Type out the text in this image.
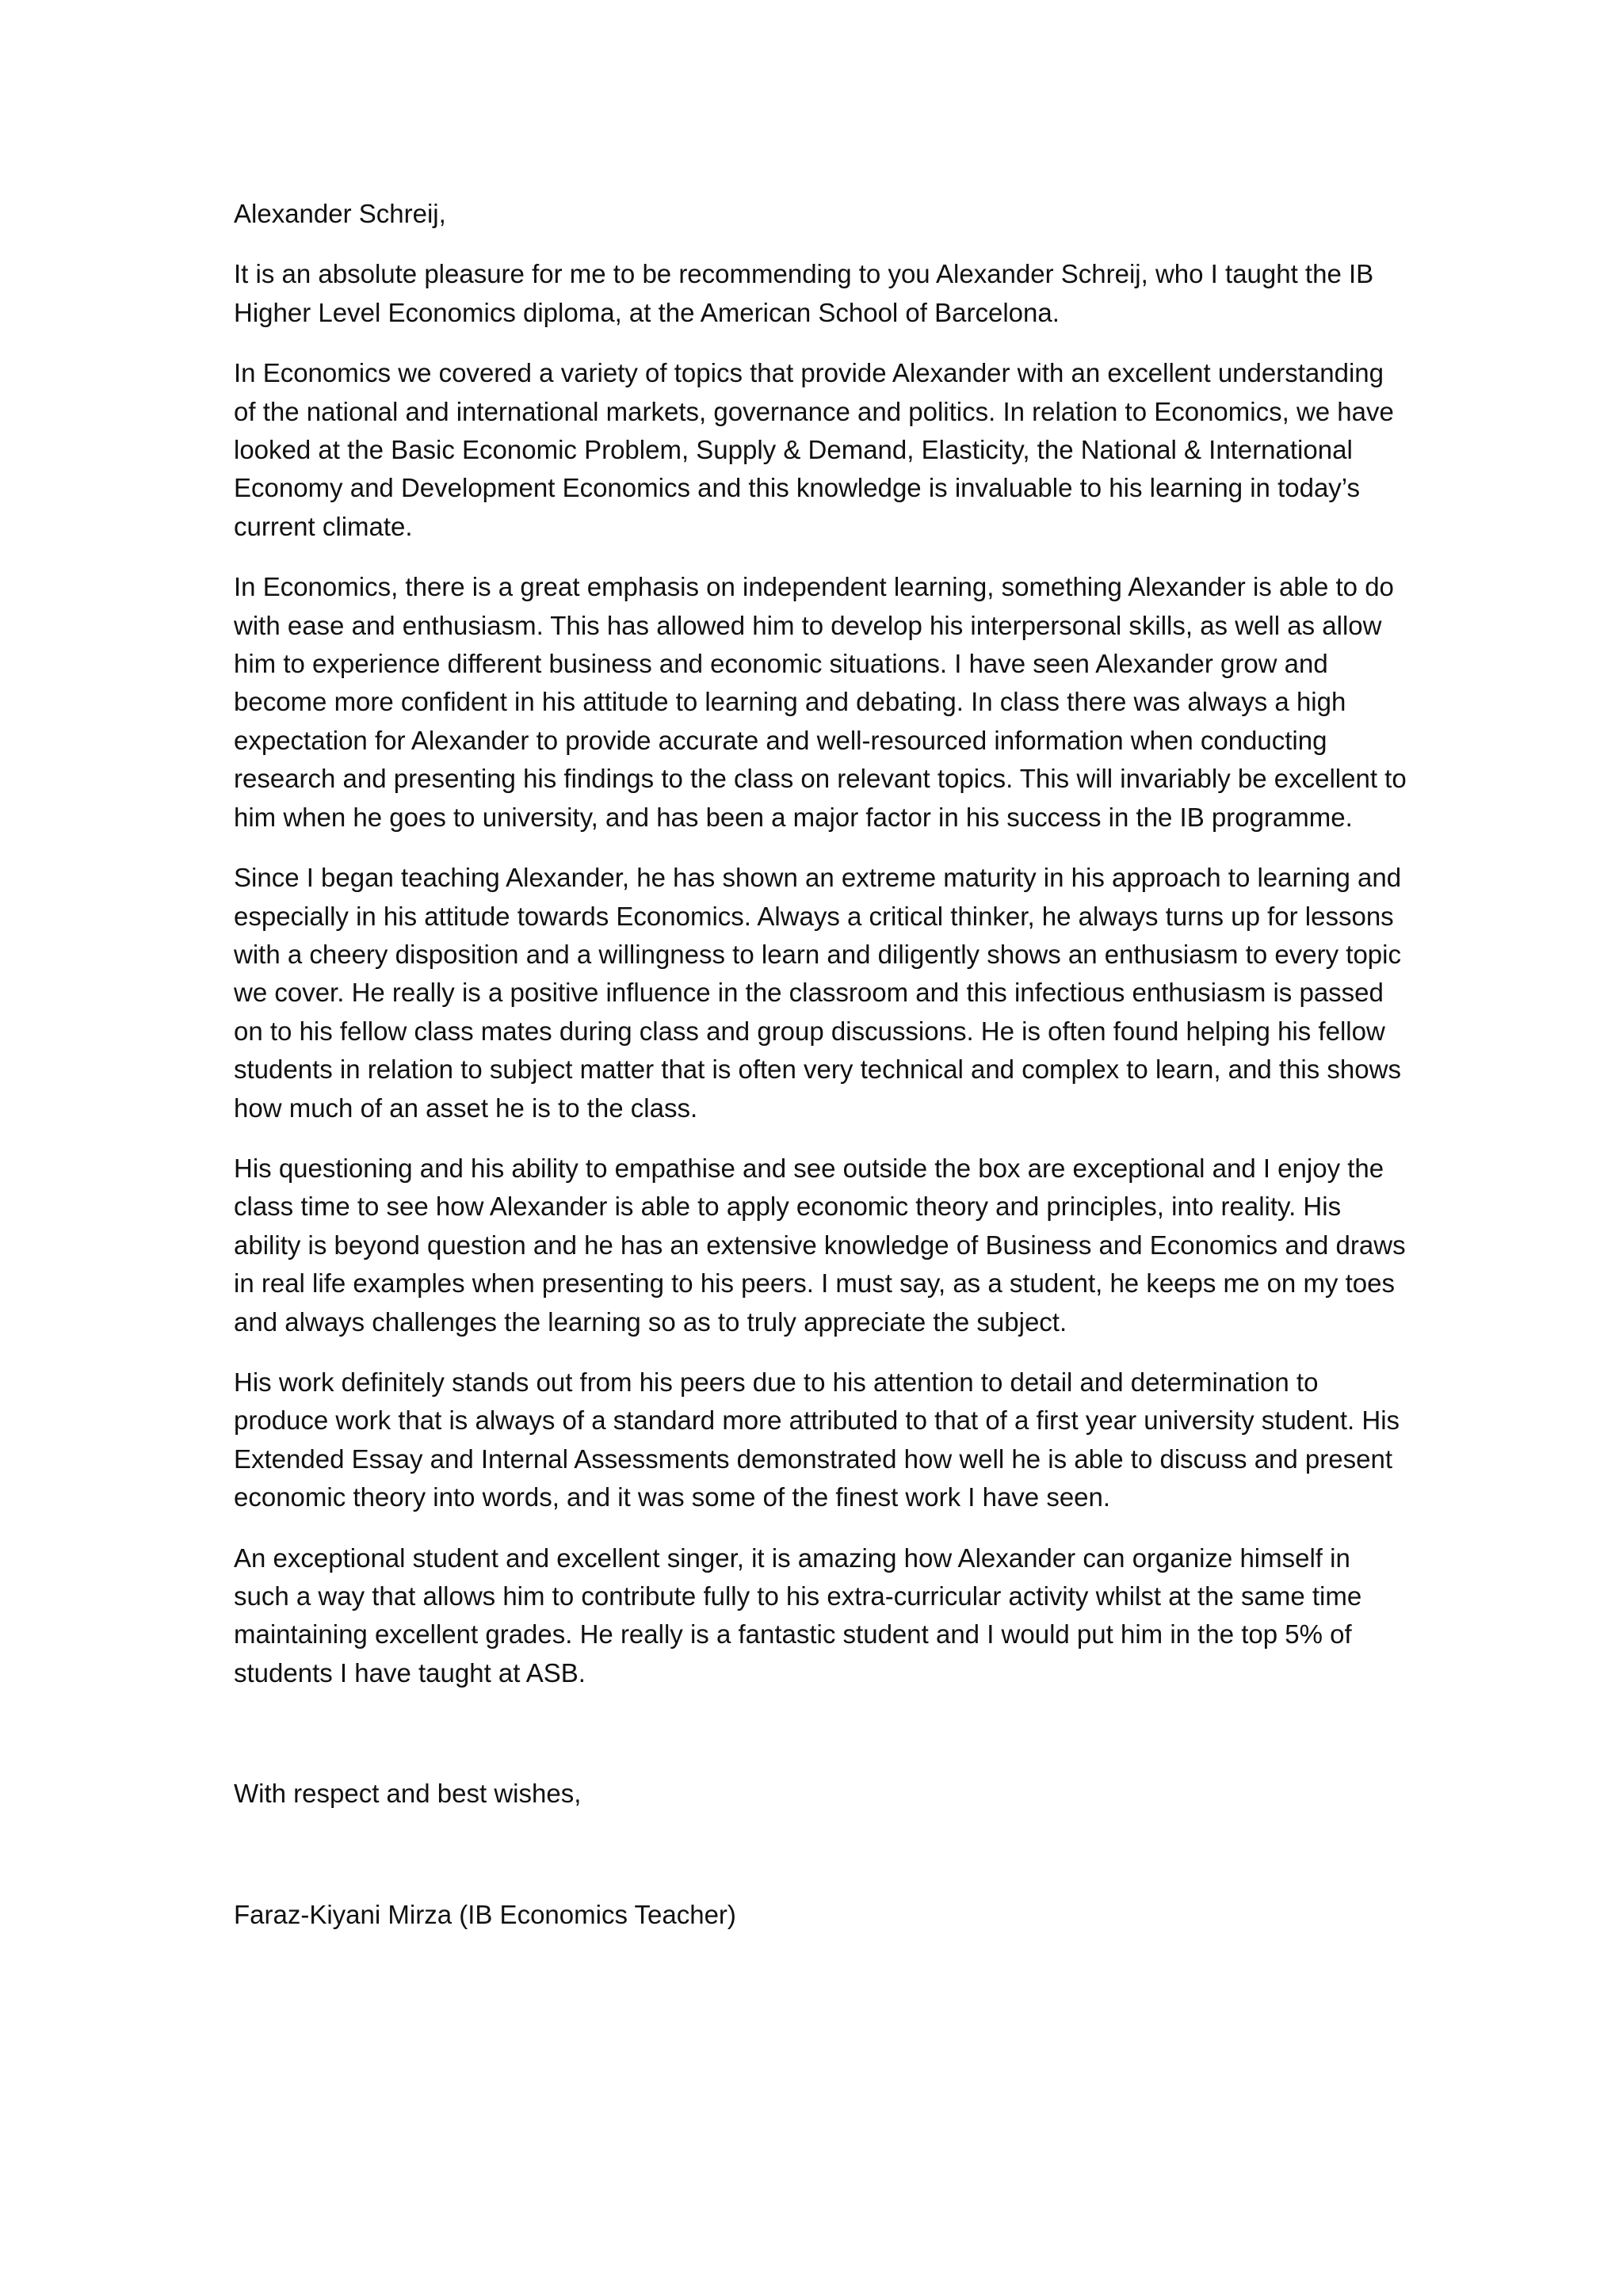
Alexander Schreij,

It is an absolute pleasure for me to be recommending to you Alexander Schreij, who I taught the IB Higher Level Economics diploma, at the American School of Barcelona.

In Economics we covered a variety of topics that provide Alexander with an excellent understanding of the national and international markets, governance and politics. In relation to Economics, we have looked at the Basic Economic Problem, Supply & Demand, Elasticity, the National & International Economy and Development Economics and this knowledge is invaluable to his learning in today’s current climate.

In Economics, there is a great emphasis on independent learning, something Alexander is able to do with ease and enthusiasm. This has allowed him to develop his interpersonal skills, as well as allow him to experience different business and economic situations. I have seen Alexander grow and become more confident in his attitude to learning and debating. In class there was always a high expectation for Alexander to provide accurate and well-resourced information when conducting research and presenting his findings to the class on relevant topics. This will invariably be excellent to him when he goes to university, and has been a major factor in his success in the IB programme.

Since I began teaching Alexander, he has shown an extreme maturity in his approach to learning and especially in his attitude towards Economics. Always a critical thinker, he always turns up for lessons with a cheery disposition and a willingness to learn and diligently shows an enthusiasm to every topic we cover. He really is a positive influence in the classroom and this infectious enthusiasm is passed on to his fellow class mates during class and group discussions. He is often found helping his fellow students in relation to subject matter that is often very technical and complex to learn, and this shows how much of an asset he is to the class.

His questioning and his ability to empathise and see outside the box are exceptional and I enjoy the class time to see how Alexander is able to apply economic theory and principles, into reality. His ability is beyond question and he has an extensive knowledge of Business and Economics and draws in real life examples when presenting to his peers. I must say, as a student, he keeps me on my toes and always challenges the learning so as to truly appreciate the subject.

His work definitely stands out from his peers due to his attention to detail and determination to produce work that is always of a standard more attributed to that of a first year university student. His Extended Essay and Internal Assessments demonstrated how well he is able to discuss and present economic theory into words, and it was some of the finest work I have seen.

An exceptional student and excellent singer, it is amazing how Alexander can organize himself in such a way that allows him to contribute fully to his extra-curricular activity whilst at the same time maintaining excellent grades. He really is a fantastic student and I would put him in the top 5% of students I have taught at ASB.

With respect and best wishes,

Faraz-Kiyani Mirza (IB Economics Teacher)
